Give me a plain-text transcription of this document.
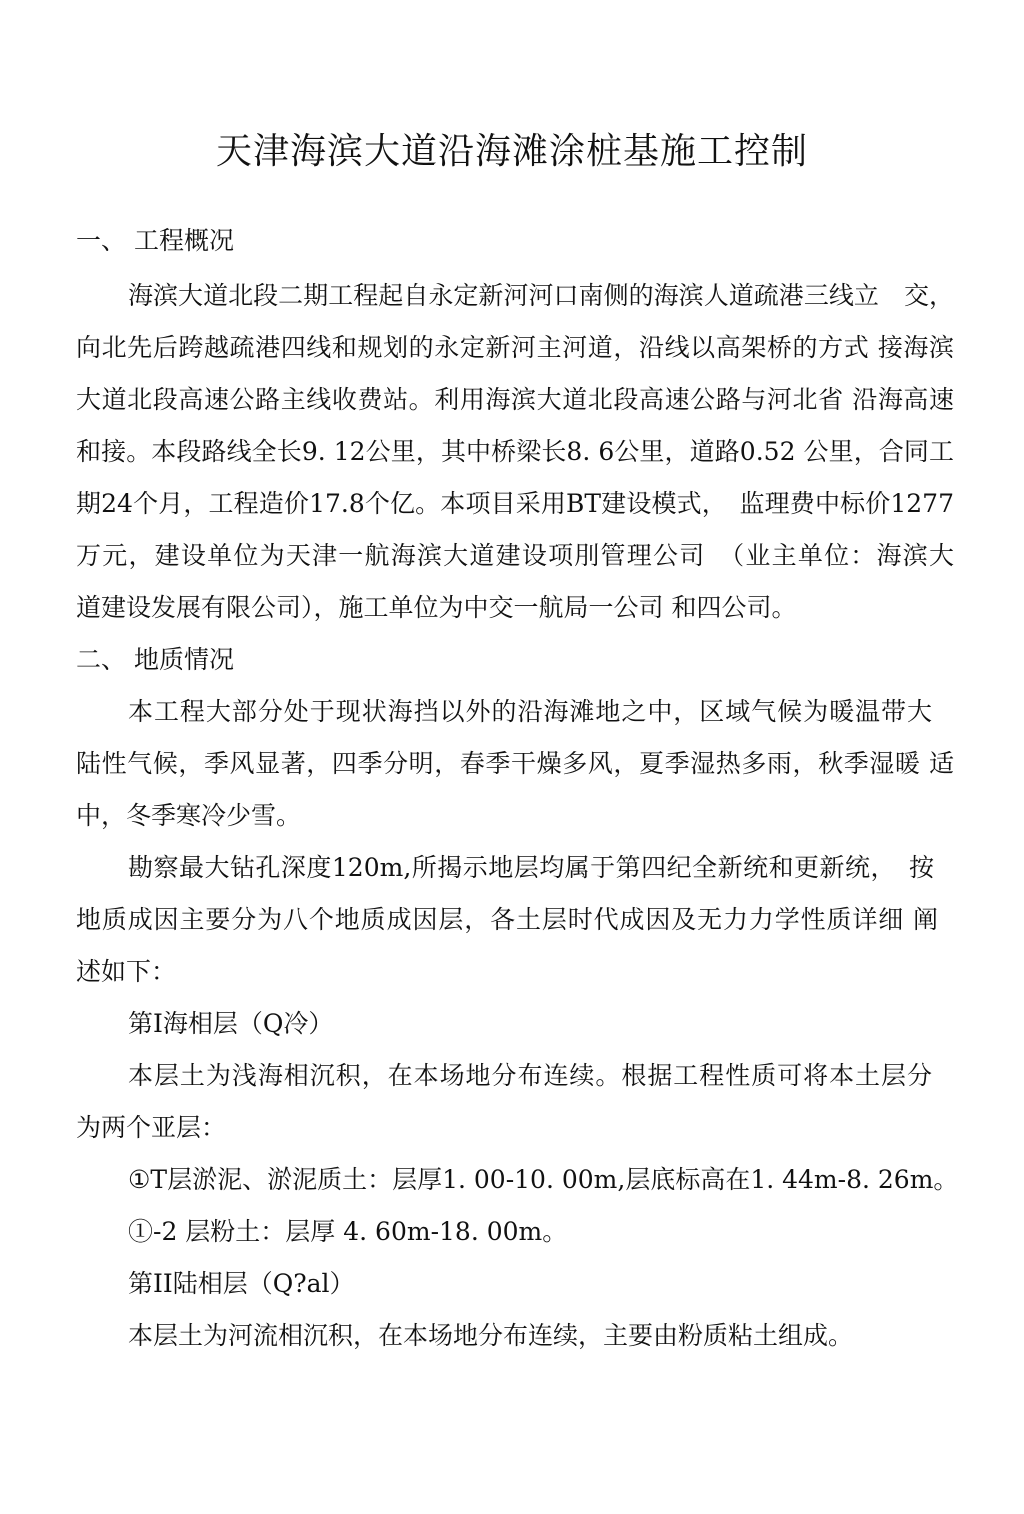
天津海滨大道沿海滩涂桩基施工控制

一、 工程概况

海滨大道北段二期工程起自永定新河河口南侧的海滨人道疏港三线立　交，

向北先后跨越疏港四线和规划的永定新河主河道，沿线以高架桥的方式 接海滨

大道北段高速公路主线收费站。利用海滨大道北段高速公路与河北省 沿海高速

和接。本段路线全长9. 12公里，其中桥梁长8. 6公里，道路0.52 公里，合同工

期24个月，工程造价17.8个亿。本项目采用BT建设模式，　监理费中标价1277

万元，建设单位为天津一航海滨大道建设项刖管理公司　（业主单位：海滨大

道建设发展有限公司），施工单位为中交一航局一公司 和四公司。

二、 地质情况

本工程大部分处于现状海挡以外的沿海滩地之中，区域气候为暖温带大

陆性气候，季风显著，四季分明，春季干燥多风，夏季湿热多雨，秋季湿暖 适

中，冬季寒冷少雪。

勘察最大钻孔深度120m,所揭示地层均属于第四纪全新统和更新统，　按

地质成因主要分为八个地质成因层，各土层时代成因及无力力学性质详细 阐

述如下：

第I海相层（Q冷）

本层土为浅海相沉积，在本场地分布连续。根据工程性质可将本土层分

为两个亚层：

①T层淤泥、淤泥质土：层厚1. 00-10. 00m,层底标高在1. 44m-8. 26m。

①-2 层粉土：层厚 4. 60m-18. 00m。

第II陆相层（Q?al）

本层土为河流相沉积，在本场地分布连续，主要由粉质粘土组成。
